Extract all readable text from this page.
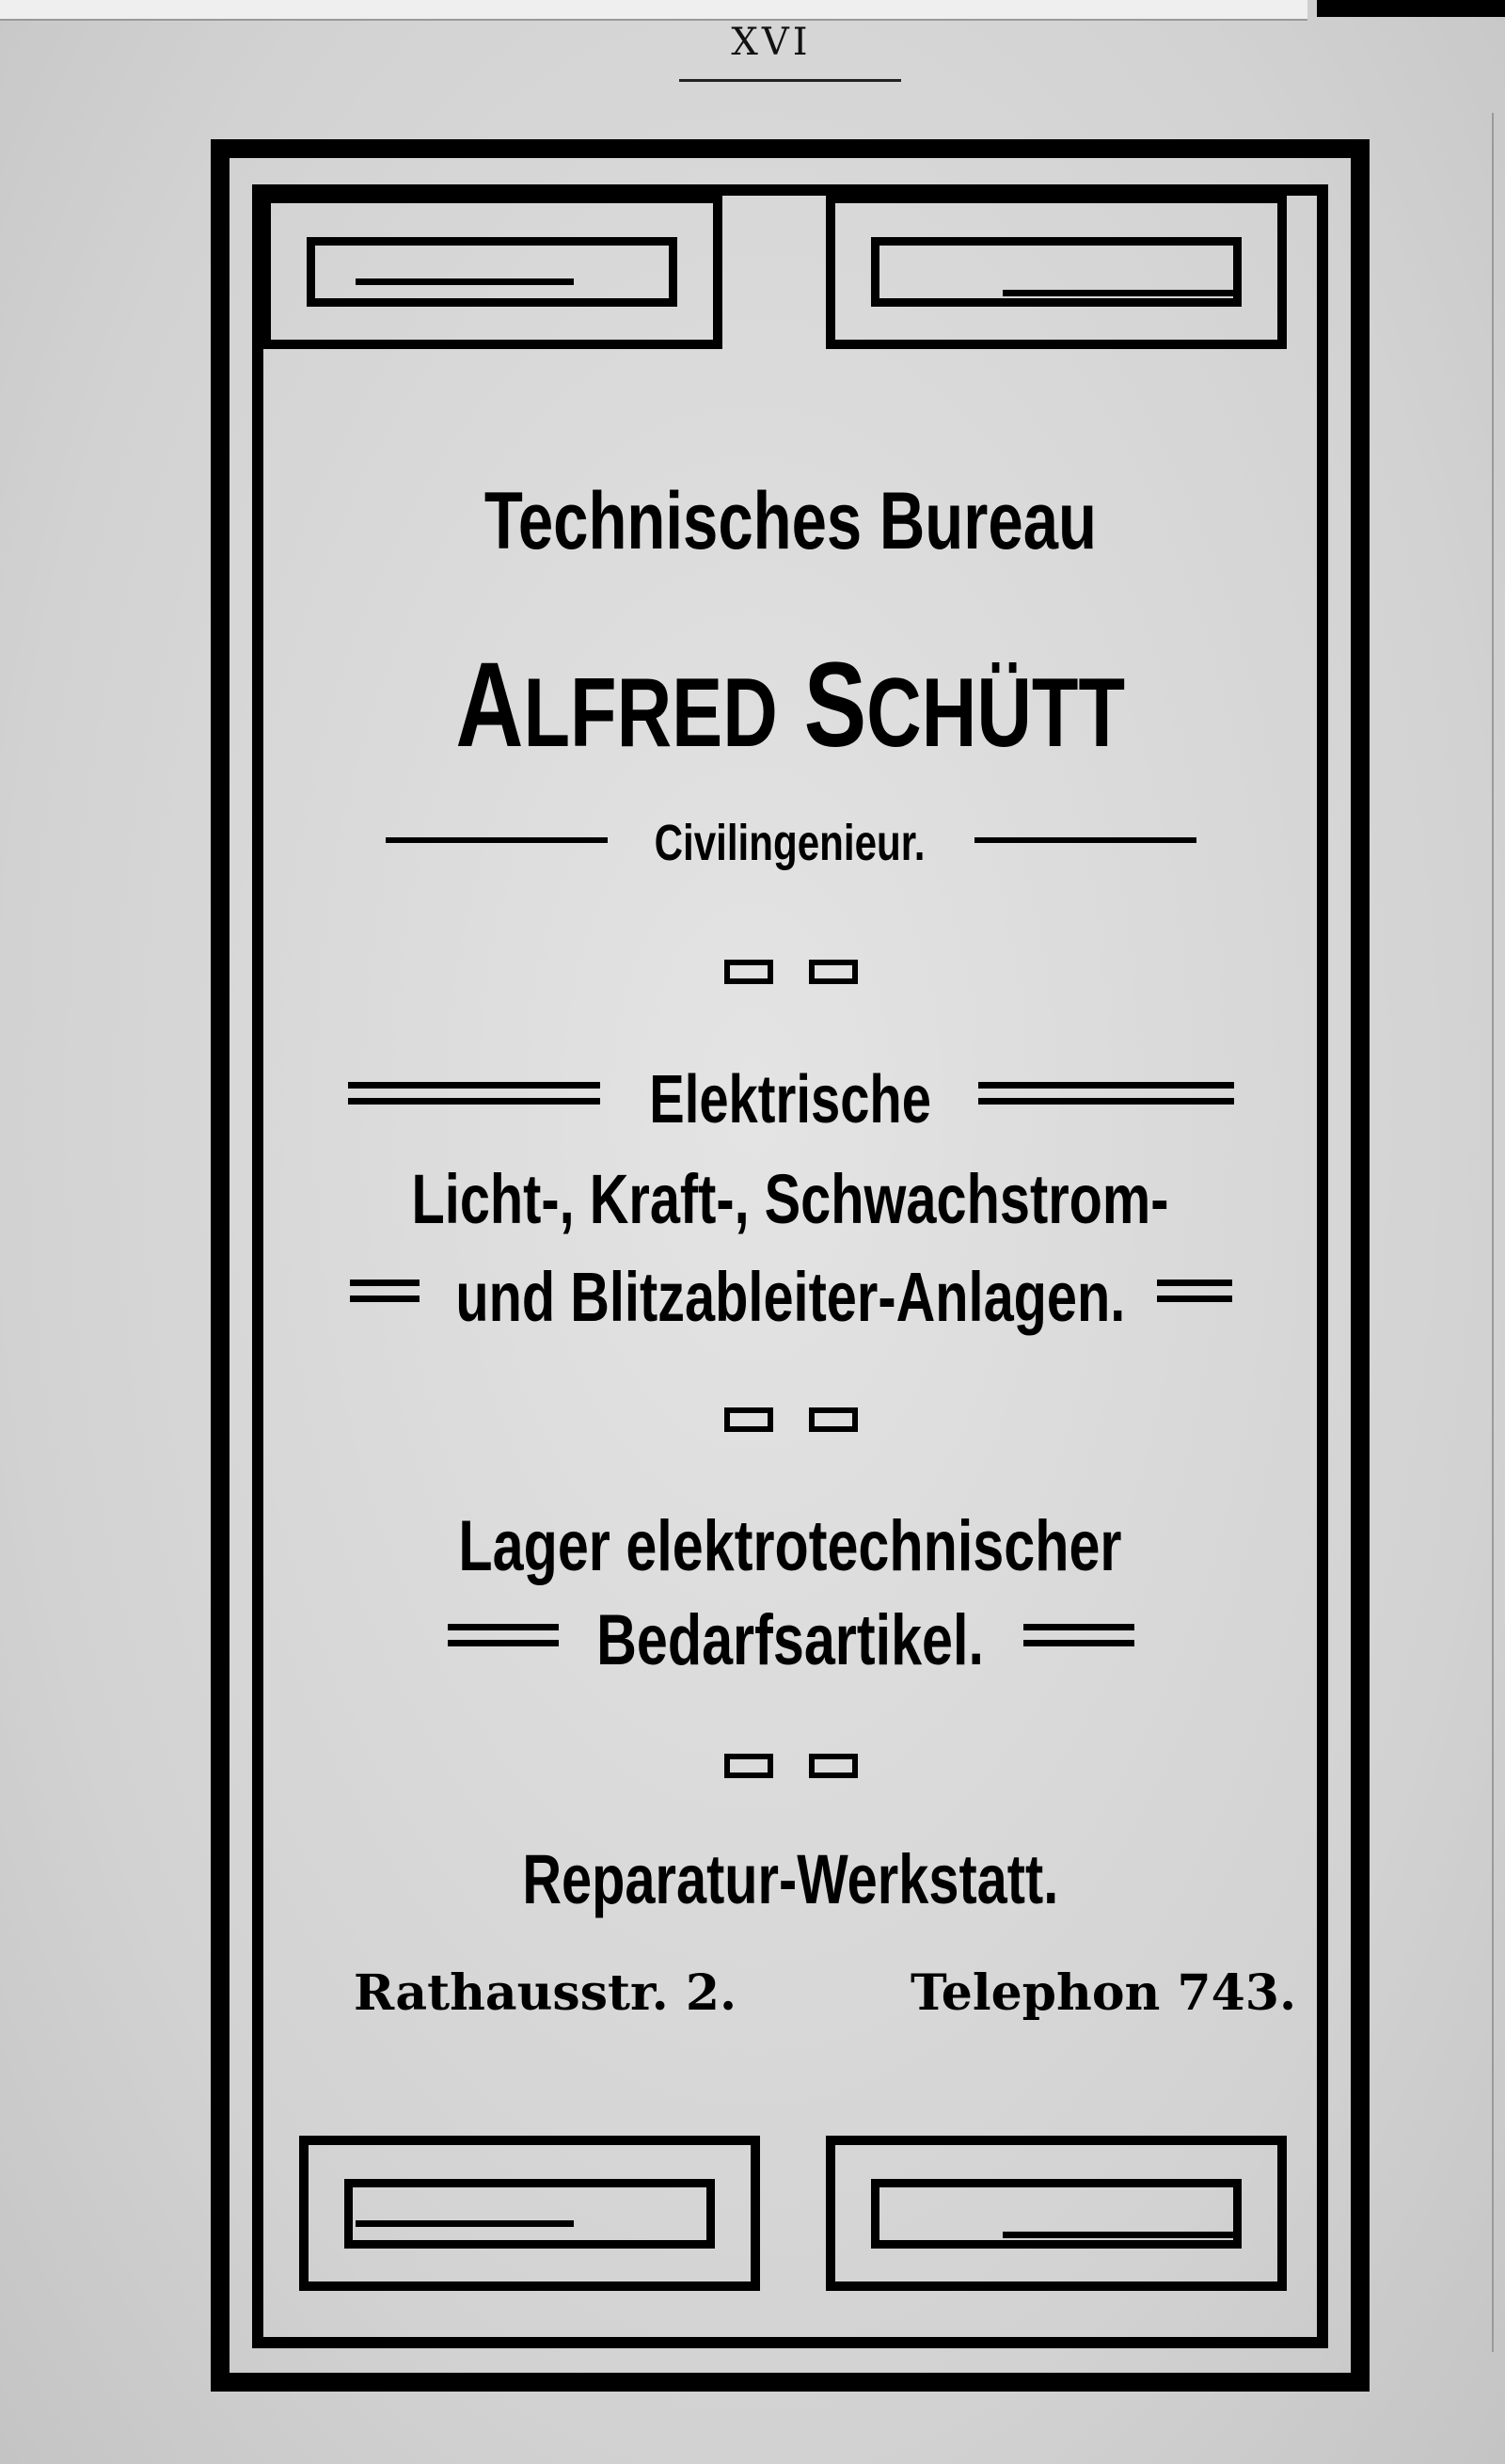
XVI
Technisches Bureau
ALFRED SCHÜTT
Civilingenieur.
Elektrische
Licht-, Kraft-, Schwachstrom-
und Blitzableiter-Anlagen.
Lager elektrotechnischer
Bedarfsartikel.
Reparatur-Werkstatt.
Rathausstr. 2.	Telephon 743.
